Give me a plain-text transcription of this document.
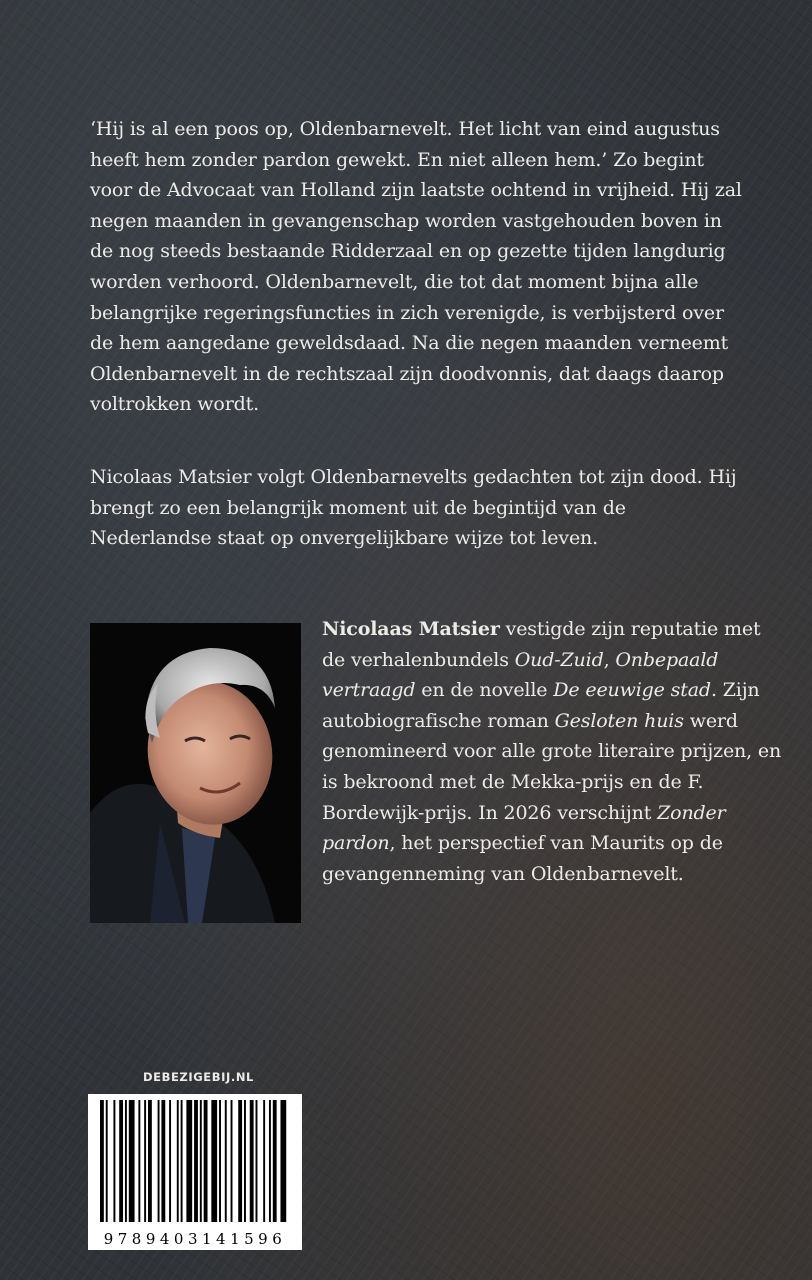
‘Hij is al een poos op, Oldenbarnevelt. Het licht van eind augustus heeft hem zonder pardon gewekt. En niet alleen hem.’ Zo begint voor de Advocaat van Holland zijn laatste ochtend in vrijheid. Hij zal negen maanden in gevangenschap worden vastgehouden boven in de nog steeds bestaande Ridderzaal en op gezette tijden langdurig worden verhoord. Oldenbarnevelt, die tot dat moment bijna alle belangrijke regeringsfuncties in zich verenigde, is verbijsterd over de hem aangedane geweldsdaad. Na die negen maanden verneemt Oldenbarnevelt in de rechtszaal zijn doodvonnis, dat daags daarop voltrokken wordt.

Nicolaas Matsier volgt Oldenbarnevelts gedachten tot zijn dood. Hij brengt zo een belangrijk moment uit de begintijd van de Nederlandse staat op onvergelijkbare wijze tot leven.

Nicolaas Matsier vestigde zijn reputatie met de verhalenbundels Oud-Zuid, Onbepaald vertraagd en de novelle De eeuwige stad. Zijn autobiografische roman Gesloten huis werd genomineerd voor alle grote literaire prijzen, en is bekroond met de Mekka-prijs en de F. Bordewijk-prijs. In 2026 verschijnt Zonder pardon, het perspectief van Maurits op de gevangenneming van Oldenbarnevelt.

DEBEZIGEBIJ.NL
9789403141596
